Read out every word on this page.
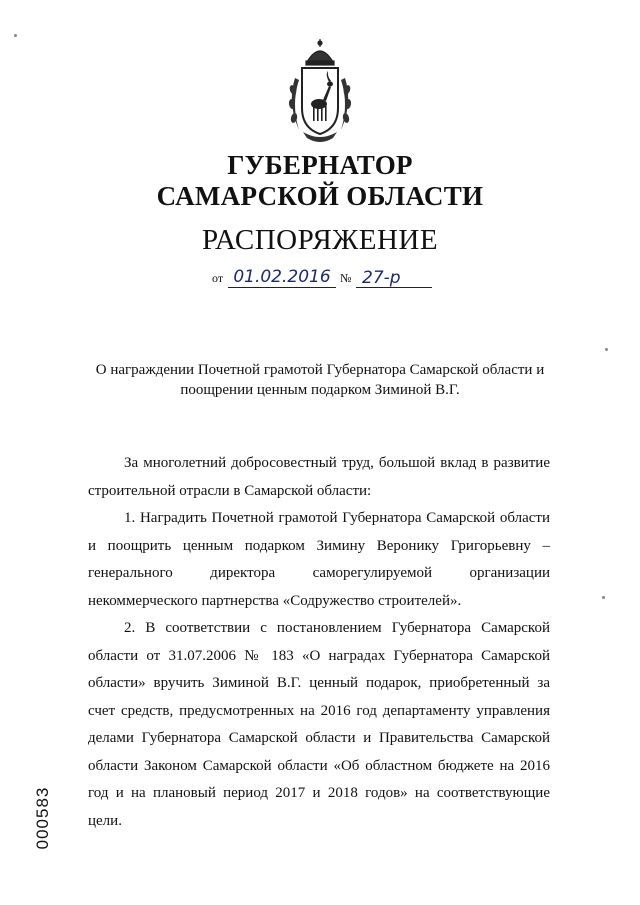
ГУБЕРНАТОР
САМАРСКОЙ ОБЛАСТИ
РАСПОРЯЖЕНИЕ
от 01.02.2016 № 27-р
О награждении Почетной грамотой Губернатора Самарской области и
поощрении ценным подарком Зиминой В.Г.

За многолетний добросовестный труд, большой вклад в развитие строительной отрасли в Самарской области:

1. Наградить Почетной грамотой Губернатора Самарской области и поощрить ценным подарком Зимину Веронику Григорьевну – генерального директора саморегулируемой организации некоммерческого партнерства «Содружество строителей».

2. В соответствии с постановлением Губернатора Самарской области от 31.07.2006 № 183 «О наградах Губернатора Самарской области» вручить Зиминой В.Г. ценный подарок, приобретенный за счет средств, предусмотренных на 2016 год департаменту управления делами Губернатора Самарской области и Правительства Самарской области Законом Самарской области «Об областном бюджете на 2016 год и на плановый период 2017 и 2018 годов» на соответствующие цели.

000583
